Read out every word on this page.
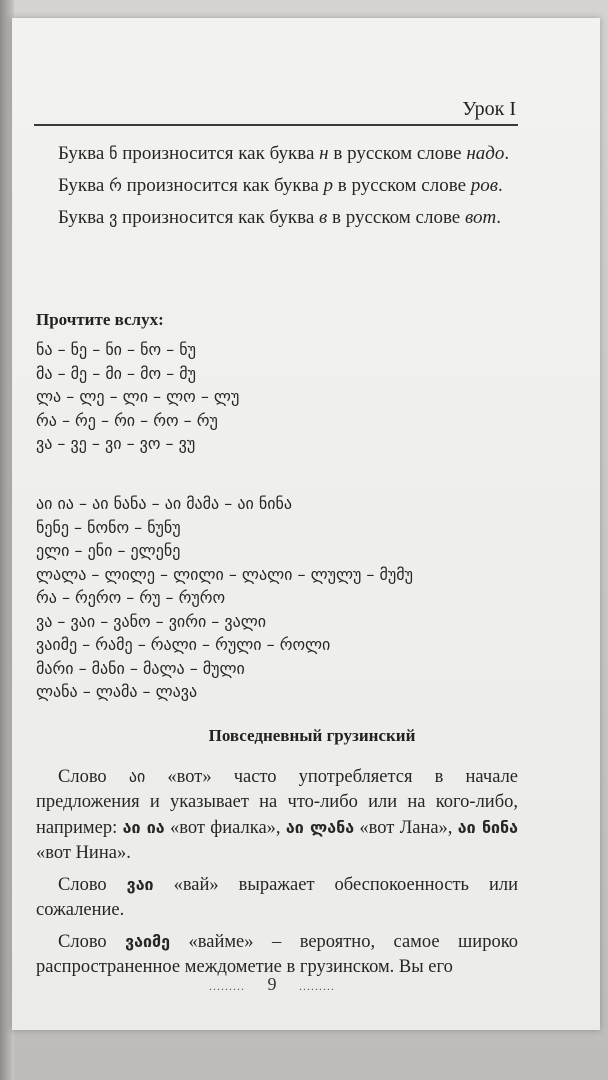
Урок I

Буква ნ произносится как буква н в русском слове надо.

Буква რ произносится как буква р в русском слове ров.

Буква ვ произносится как буква в в русском слове вот.

Прочтите вслух:
ნა – ნე – ნი – ნო – ნუ
მა – მე – მი – მო – მუ
ლა – ლე – ლი – ლო – ლუ
რა – რე – რი – რო – რუ
ვა – ვე – ვი – ვო – ვუ
აი ია – აი ნანა – აი მამა – აი ნინა
ნენე – ნონო – ნუნუ
ელი – ენი – ელენე
ლალა – ლილე – ლილი – ლალი – ლულუ – მუმუ
რა – რერო – რუ – რურო
ვა – ვაი – ვანო – ვირი – ვალი
ვაიმე – რამე – რალი – რული – როლი
მარი – მანი – მალა – მული
ლანა – ლამა – ლავა
Повседневный грузинский

Слово აი «вот» часто употребляется в начале предложения и указывает на что-либо или на кого-либо, например: აი ია «вот фиалка», აი ლანა «вот Лана», აი ნინა «вот Нина».

Слово ვაი «вай» выражает обеспокоенность или сожаление.

Слово ვაიმე «вайме» – вероятно, самое широко распространенное междометие в грузинском. Вы его

......... 9 .........
